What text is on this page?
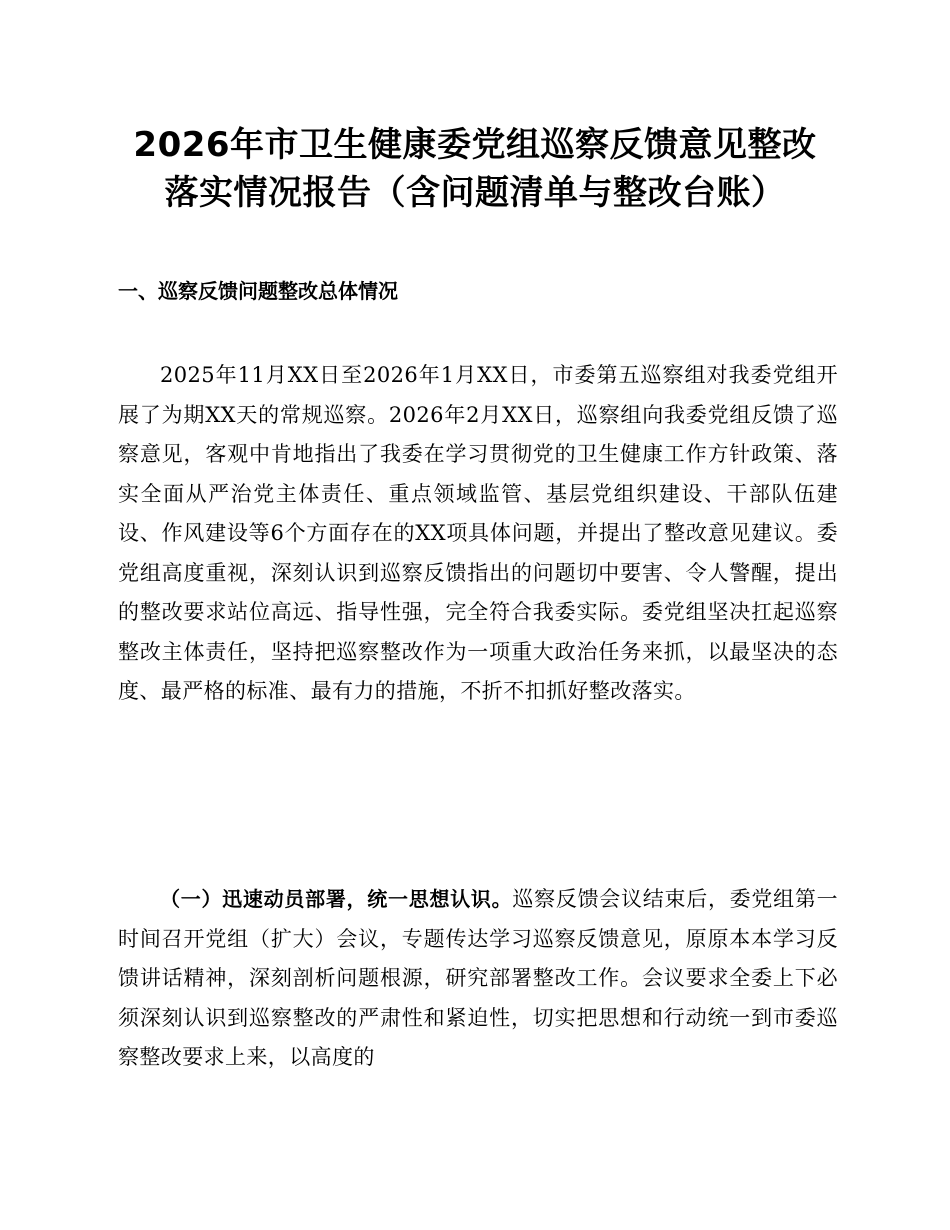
2026年市卫生健康委党组巡察反馈意见整改落实情况报告（含问题清单与整改台账）
一、巡察反馈问题整改总体情况

2025年11月XX日至2026年1月XX日，市委第五巡察组对我委党组开展了为期XX天的常规巡察。2026年2月XX日，巡察组向我委党组反馈了巡察意见，客观中肯地指出了我委在学习贯彻党的卫生健康工作方针政策、落实全面从严治党主体责任、重点领域监管、基层党组织建设、干部队伍建设、作风建设等6个方面存在的XX项具体问题，并提出了整改意见建议。委党组高度重视，深刻认识到巡察反馈指出的问题切中要害、令人警醒，提出的整改要求站位高远、指导性强，完全符合我委实际。委党组坚决扛起巡察整改主体责任，坚持把巡察整改作为一项重大政治任务来抓，以最坚决的态度、最严格的标准、最有力的措施，不折不扣抓好整改落实。

（一）迅速动员部署，统一思想认识。巡察反馈会议结束后，委党组第一时间召开党组（扩大）会议，专题传达学习巡察反馈意见，原原本本学习反馈讲话精神，深刻剖析问题根源，研究部署整改工作。会议要求全委上下必须深刻认识到巡察整改的严肃性和紧迫性，切实把思想和行动统一到市委巡察整改要求上来，以高度的
